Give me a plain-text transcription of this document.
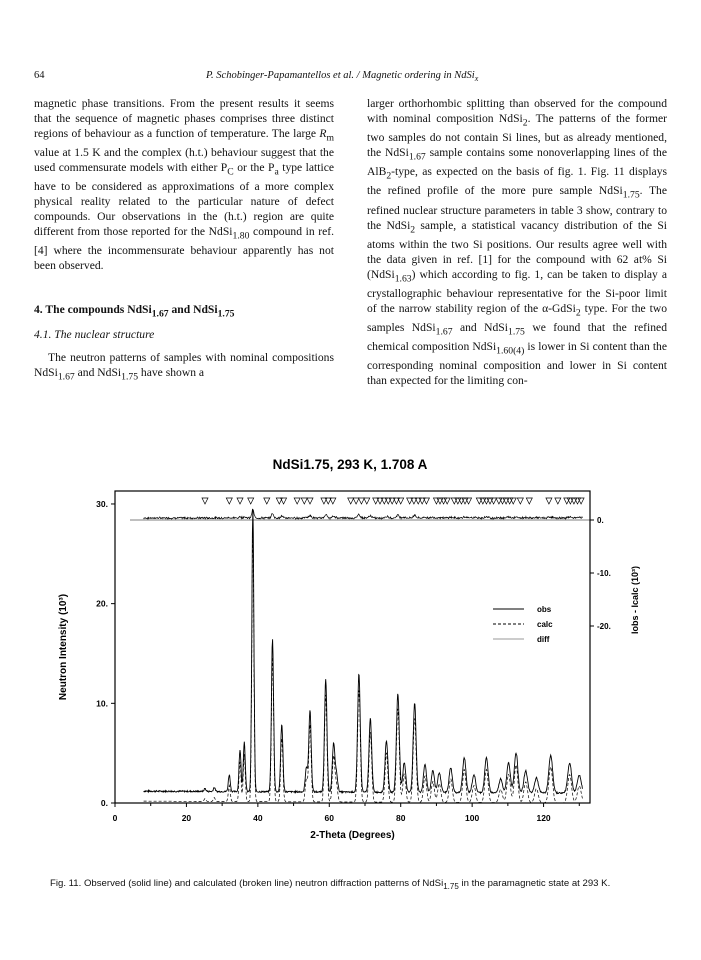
64	P. Schobinger-Papamantellos et al. / Magnetic ordering in NdSi$_x$

magnetic phase transitions. From the present results it seems that the sequence of magnetic phases comprises three distinct regions of behaviour as a function of temperature. The large $R_m$ value at 1.5 K and the complex (h.t.) behaviour suggest that the used commensurate models with either $P_C$ or the $P_a$ type lattice have to be considered as approximations of a more complex physical reality related to the particular nature of defect compounds. Our observations in the (h.t.) region are quite different from those reported for the NdSi$_{1.80}$ compound in ref. [4] where the incommensurate behaviour apparently has not been observed.

4. The compounds NdSi$_{1.67}$ and NdSi$_{1.75}$

4.1. The nuclear structure

The neutron patterns of samples with nominal compositions NdSi$_{1.67}$ and NdSi$_{1.75}$ have shown a

larger orthorhombic splitting than observed for the compound with nominal composition NdSi$_2$. The patterns of the former two samples do not contain Si lines, but as already mentioned, the NdSi$_{1.67}$ sample contains some nonoverlapping lines of the AlB$_2$-type, as expected on the basis of fig. 1. Fig. 11 displays the refined profile of the more pure sample NdSi$_{1.75}$. The refined nuclear structure parameters in table 3 show, contrary to the NdSi$_2$ sample, a statistical vacancy distribution of the Si atoms within the two Si positions. Our results agree well with the data given in ref. [1] for the compound with 62 at% Si (NdSi$_{1.63}$) which according to fig. 1, can be taken to display a crystallographic behaviour representative for the Si-poor limit of the narrow stability region of the α-GdSi$_2$ type. For the two samples NdSi$_{1.67}$ and NdSi$_{1.75}$ we found that the refined chemical composition NdSi$_{1.60(4)}$ is lower in Si content than the corresponding nominal composition and lower in Si content than expected for the limiting con-

NdSi1.75, 293 K, 1.708 A
0	20	40	60	80	100	120
2-Theta (Degrees)
0.
10.
20.
30.
Neutron Intensity (10³)
0.
-10.
-20. Iobs - Icalc (10³)
obs
calc
diff
Fig. 11. Observed (solid line) and calculated (broken line) neutron diffraction patterns of NdSi$_{1.75}$ in the paramagnetic state at 293 K.
